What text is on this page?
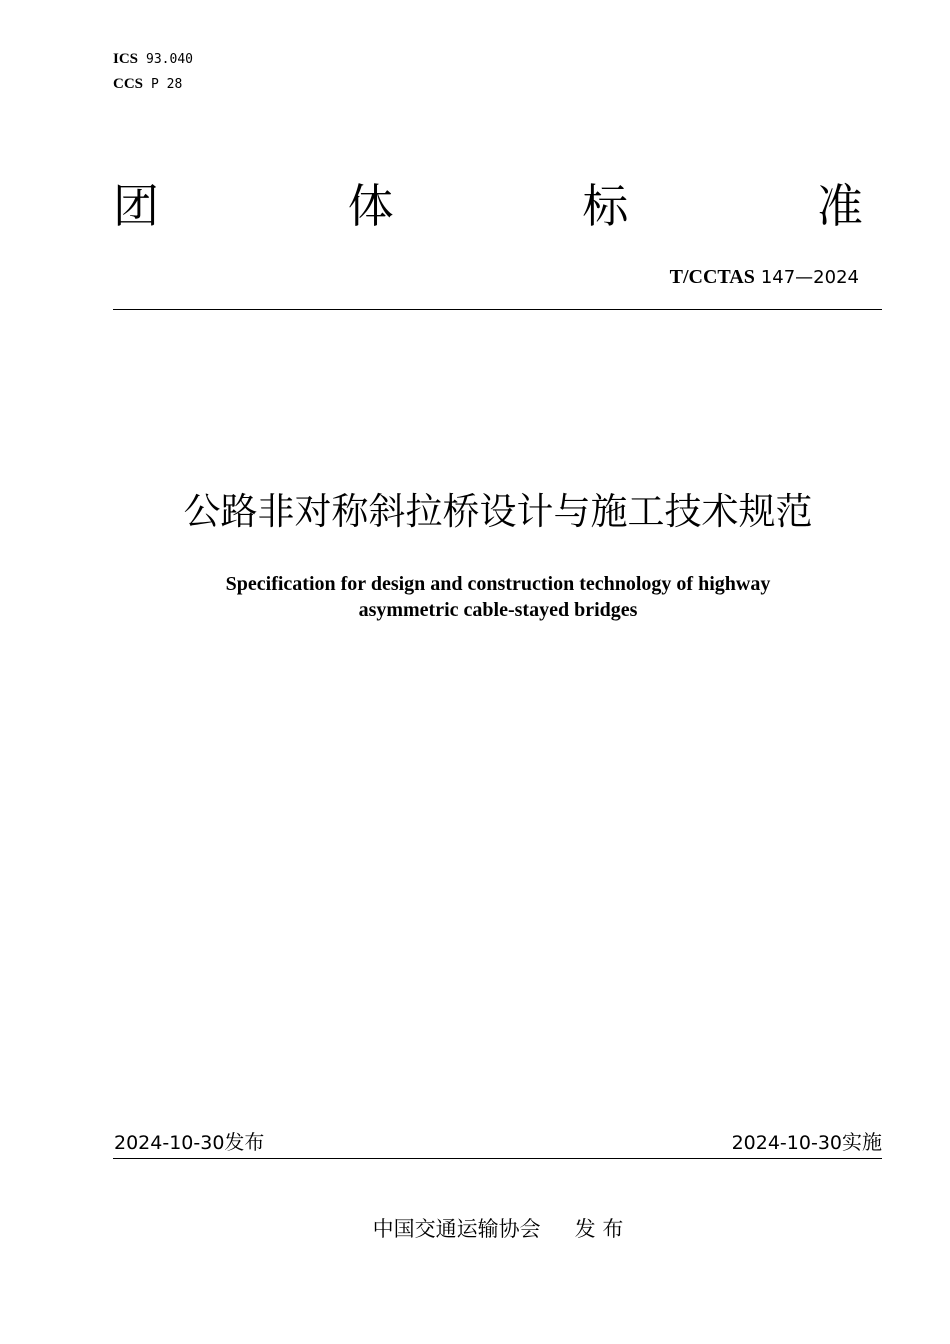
ICS 93.040
CCS P 28
团	体	标	准
T/CCTAS 147—2024
公路非对称斜拉桥设计与施工技术规范
Specification for design and construction technology of highway
asymmetric cable-stayed bridges
2024-10-30发布	2024-10-30实施
中国交通运输协会 发 布
